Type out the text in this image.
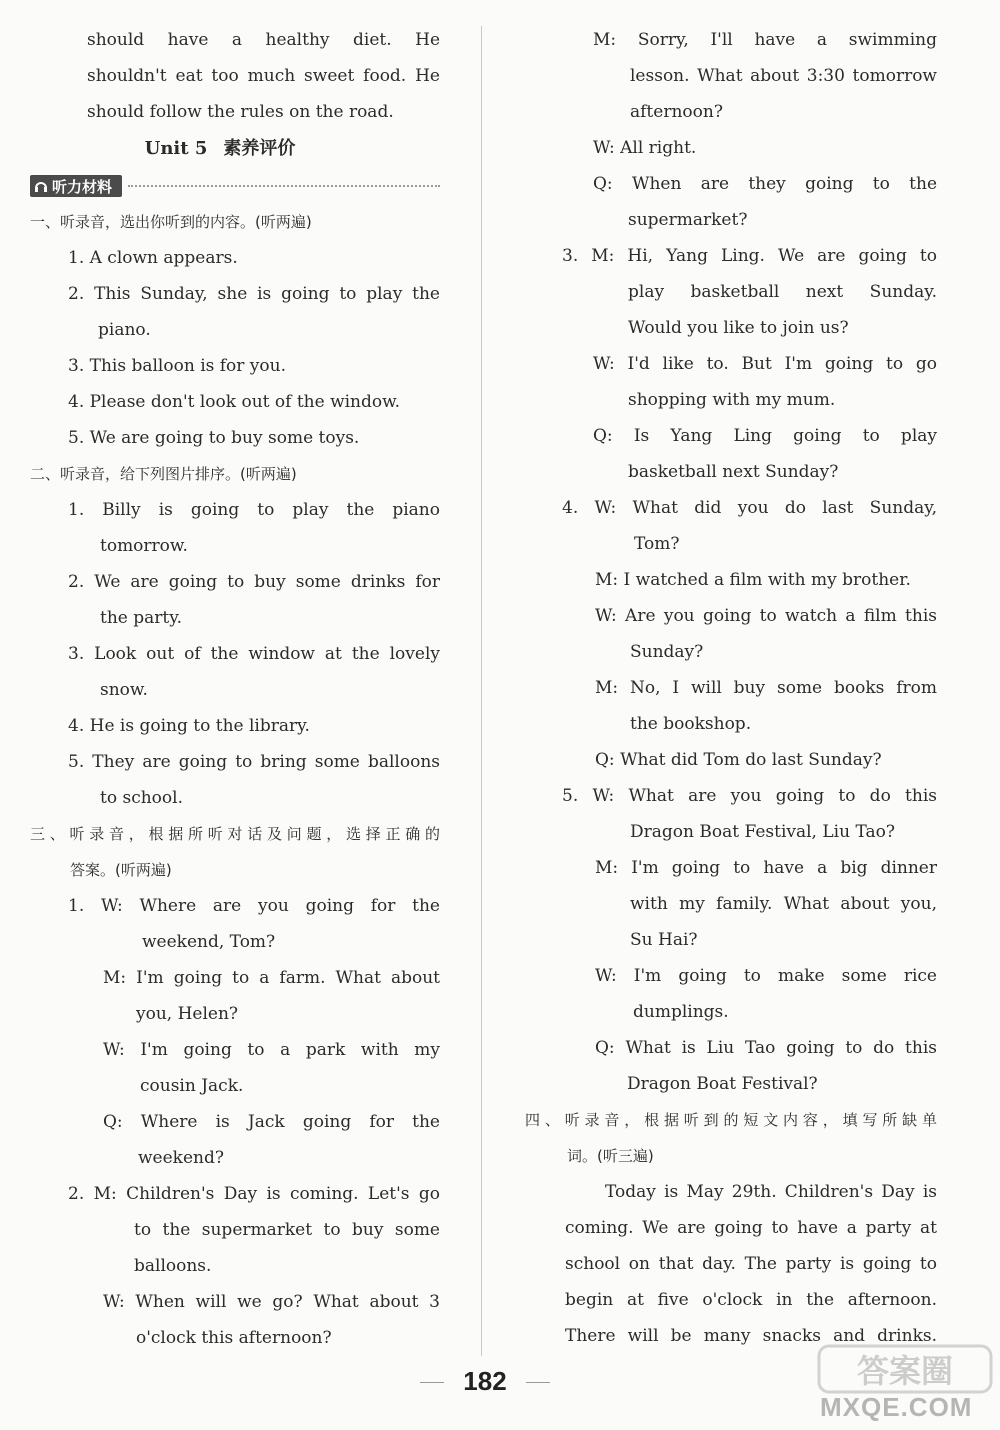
should have a healthy diet. He
shouldn't eat too much sweet food. He
should follow the rules on the road.
Unit 5 素养评价
听力材料
一、听录音，选出你听到的内容。(听两遍)
1. A clown appears.
2. This Sunday, she is going to play the
piano.
3. This balloon is for you.
4. Please don't look out of the window.
5. We are going to buy some toys.
二、听录音，给下列图片排序。(听两遍)
1. Billy is going to play the piano
tomorrow.
2. We are going to buy some drinks for
the party.
3. Look out of the window at the lovely
snow.
4. He is going to the library.
5. They are going to bring some balloons
to school.
三、听录音，根据所听对话及问题，选择正确的
答案。(听两遍)
1. W: Where are you going for the
weekend, Tom?
M: I'm going to a farm. What about
you, Helen?
W: I'm going to a park with my
cousin Jack.
Q: Where is Jack going for the
weekend?
2. M: Children's Day is coming. Let's go
to the supermarket to buy some
balloons.
W: When will we go? What about 3
o'clock this afternoon?
M: Sorry, I'll have a swimming
lesson. What about 3:30 tomorrow
afternoon?
W: All right.
Q: When are they going to the
supermarket?
3. M: Hi, Yang Ling. We are going to
play basketball next Sunday.
Would you like to join us?
W: I'd like to. But I'm going to go
shopping with my mum.
Q: Is Yang Ling going to play
basketball next Sunday?
4. W: What did you do last Sunday,
Tom?
M: I watched a film with my brother.
W: Are you going to watch a film this
Sunday?
M: No, I will buy some books from
the bookshop.
Q: What did Tom do last Sunday?
5. W: What are you going to do this
Dragon Boat Festival, Liu Tao?
M: I'm going to have a big dinner
with my family. What about you,
Su Hai?
W: I'm going to make some rice
dumplings.
Q: What is Liu Tao going to do this
Dragon Boat Festival?
四、听录音，根据听到的短文内容，填写所缺单
词。(听三遍)
Today is May 29th. Children's Day is
coming. We are going to have a party at
school on that day. The party is going to
begin at five o'clock in the afternoon.
There will be many snacks and drinks.
182	答案圈
MXQE.COM
